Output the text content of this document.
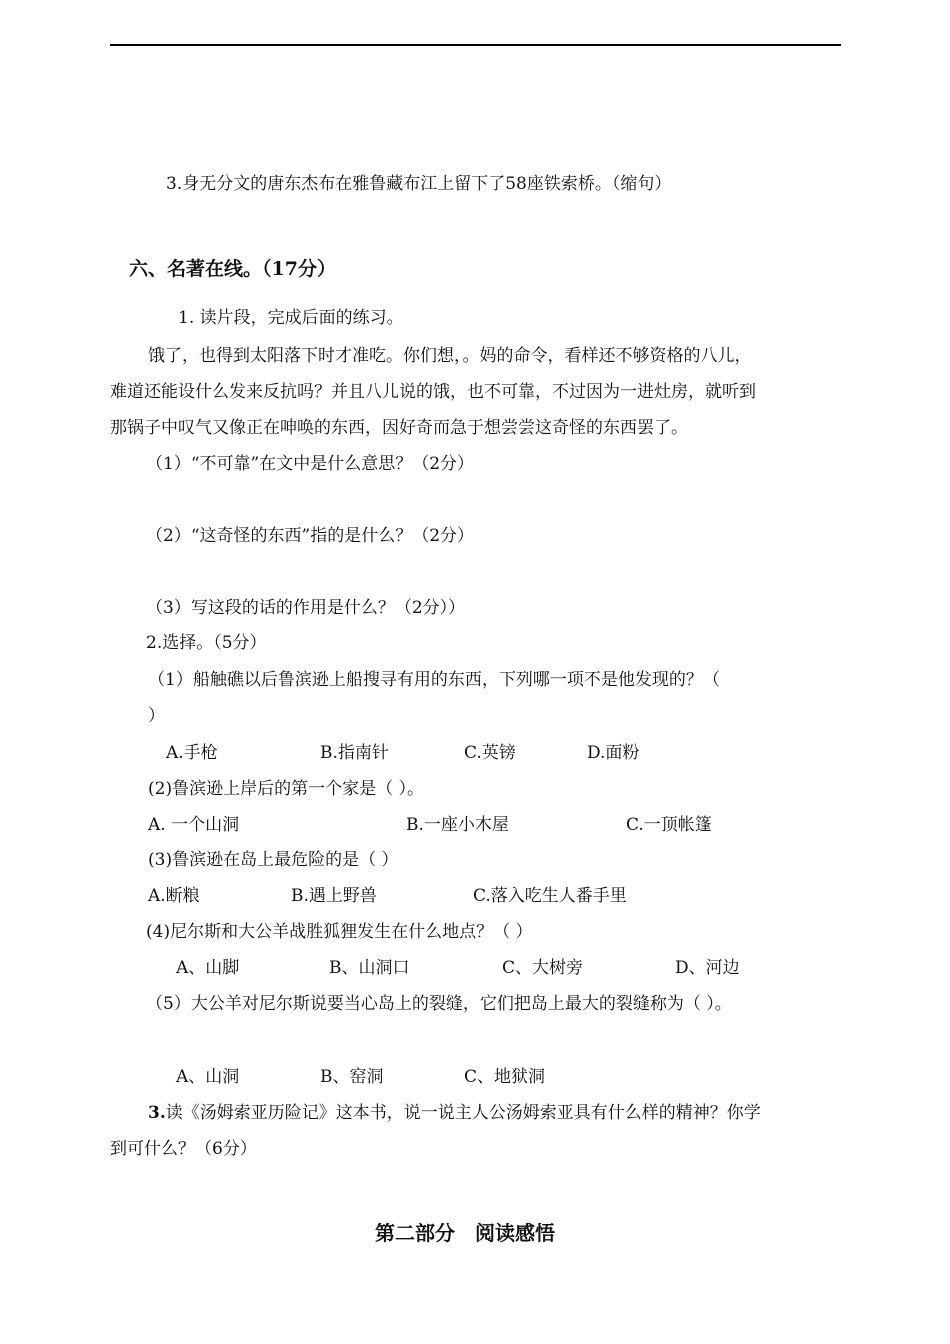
3.身无分文的唐东杰布在雅鲁藏布江上留下了58座铁索桥。（缩句）
六、名著在线。（17分）
1. 读片段，完成后面的练习。
饿了，也得到太阳落下时才准吃。你们想，。妈的命令，看样还不够资格的八儿，
难道还能设什么发来反抗吗？并且八儿说的饿，也不可靠，不过因为一进灶房，就听到
那锅子中叹气又像正在呻唤的东西，因好奇而急于想尝尝这奇怪的东西罢了。
（1）“不可靠”在文中是什么意思？（2分）
（2）“这奇怪的东西”指的是什么？（2分）
（3）写这段的话的作用是什么？（2分））
2.选择。（5分）
（1）船触礁以后鲁滨逊上船搜寻有用的东西，下列哪一项不是他发现的？（
）
A.手枪	B.指南针	C.英镑	D.面粉
(2)鲁滨逊上岸后的第一个家是（ ）。
A. 一个山洞	B.一座小木屋	C.一顶帐篷
(3)鲁滨逊在岛上最危险的是（ ）
A.断粮	B.遇上野兽	C.落入吃生人番手里
(4)尼尔斯和大公羊战胜狐狸发生在什么地点？（ ）
A、山脚	B、山洞口	C、大树旁	D、河边
（5）大公羊对尼尔斯说要当心岛上的裂缝，它们把岛上最大的裂缝称为（ ）。
A、山洞	B、窑洞	C、地狱洞
3.读《汤姆索亚历险记》这本书，说一说主人公汤姆索亚具有什么样的精神？你学
到可什么？（6分）
第二部分　阅读感悟
